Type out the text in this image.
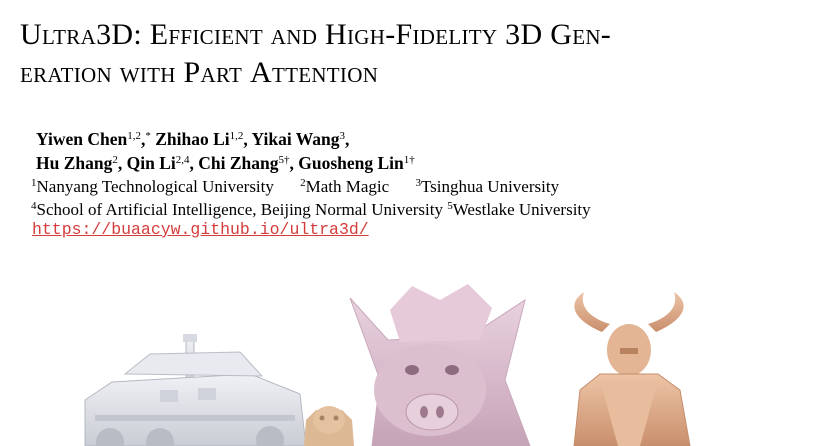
Ultra3D: Efficient and High-Fidelity 3D Gen-
eration with Part Attention
Yiwen Chen$^{1,2}$,* Zhihao Li$^{1,2}$, Yikai Wang$^3$,
Hu Zhang$^2$, Qin Li$^{2,4}$, Chi Zhang$^{5\dagger}$, Guosheng Lin$^{1\dagger}$
$^1$Nanyang Technological University $^2$Math Magic $^3$Tsinghua University
$^4$School of Artificial Intelligence, Beijing Normal University $^5$Westlake University
https://buaacyw.github.io/ultra3d/
